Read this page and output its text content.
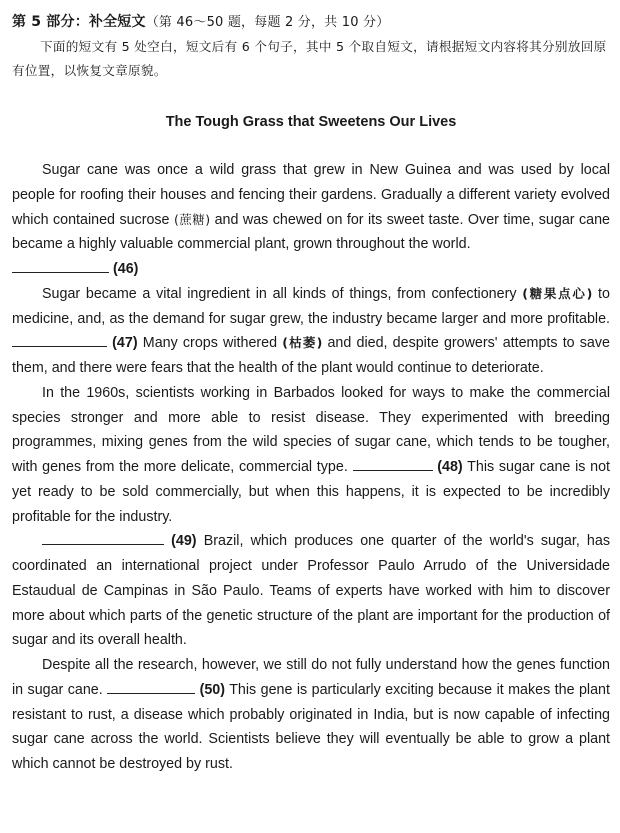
第 5 部分：补全短文（第 46～50 题，每题 2 分，共 10 分）

下面的短文有 5 处空白，短文后有 6 个句子，其中 5 个取自短文，请根据短文内容将其分别放回原有位置，以恢复文章原貌。

The Tough Grass that Sweetens Our Lives

Sugar cane was once a wild grass that grew in New Guinea and was used by local people for roofing their houses and fencing their gardens. Gradually a different variety evolved which contained sucrose (蔗糖) and was chewed on for its sweet taste. Over time, sugar cane became a highly valuable commercial plant, grown throughout the world.

(46)

Sugar became a vital ingredient in all kinds of things, from confectionery (糖果点心) to medicine, and, as the demand for sugar grew, the industry became larger and more profitable.  (47) Many crops withered (枯萎) and died, despite growers' attempts to save them, and there were fears that the health of the plant would continue to deteriorate.

In the 1960s, scientists working in Barbados looked for ways to make the commercial species stronger and more able to resist disease. They experimented with breeding programmes, mixing genes from the wild species of sugar cane, which tends to be tougher, with genes from the more delicate, commercial type.	(48) This sugar cane is not yet ready to be sold commercially, but when this happens, it is expected to be incredibly profitable for the industry.

(49) Brazil, which produces one quarter of the world's sugar, has coordinated an international project under Professor Paulo Arrudo of the Universidade Estaudual de Campinas in São Paulo. Teams of experts have worked with him to discover more about which parts of the genetic structure of the plant are important for the production of sugar and its overall health.

Despite all the research, however, we still do not fully understand how the genes function in sugar cane.	(50) This gene is particularly exciting because it makes the plant resistant to rust, a disease which probably originated in India, but is now capable of infecting sugar cane across the world. Scientists believe they will eventually be able to grow a plant which cannot be destroyed by rust.
